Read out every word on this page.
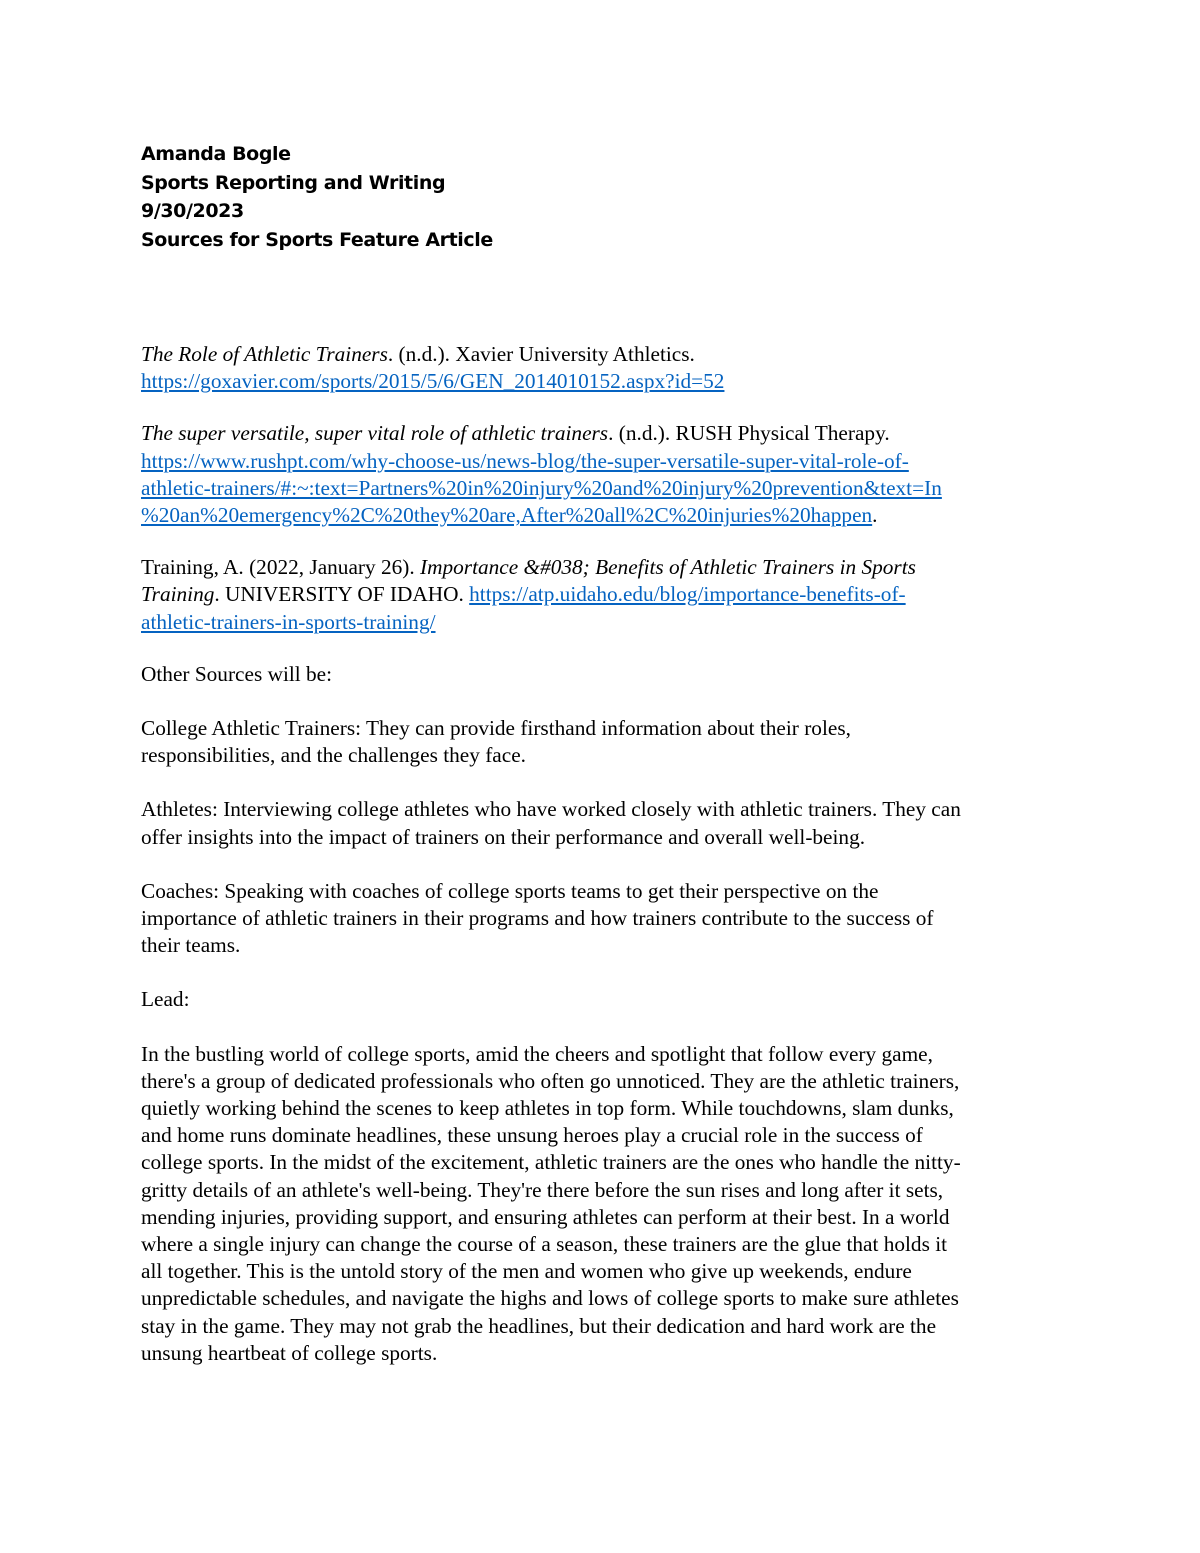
Amanda Bogle
Sports Reporting and Writing
9/30/2023
Sources for Sports Feature Article
The Role of Athletic Trainers. (n.d.). Xavier University Athletics.
https://goxavier.com/sports/2015/5/6/GEN_2014010152.aspx?id=52
The super versatile, super vital role of athletic trainers. (n.d.). RUSH Physical Therapy.
https://www.rushpt.com/why-choose-us/news-blog/the-super-versatile-super-vital-role-of-
athletic-trainers/#:~:text=Partners%20in%20injury%20and%20injury%20prevention&text=In
%20an%20emergency%2C%20they%20are,After%20all%2C%20injuries%20happen.
Training, A. (2022, January 26). Importance &#038; Benefits of Athletic Trainers in Sports
Training. UNIVERSITY OF IDAHO. https://atp.uidaho.edu/blog/importance-benefits-of-
athletic-trainers-in-sports-training/
Other Sources will be:
College Athletic Trainers: They can provide firsthand information about their roles,
responsibilities, and the challenges they face.
Athletes: Interviewing college athletes who have worked closely with athletic trainers. They can
offer insights into the impact of trainers on their performance and overall well-being.
Coaches: Speaking with coaches of college sports teams to get their perspective on the
importance of athletic trainers in their programs and how trainers contribute to the success of
their teams.
Lead:
In the bustling world of college sports, amid the cheers and spotlight that follow every game,
there's a group of dedicated professionals who often go unnoticed. They are the athletic trainers,
quietly working behind the scenes to keep athletes in top form. While touchdowns, slam dunks,
and home runs dominate headlines, these unsung heroes play a crucial role in the success of
college sports. In the midst of the excitement, athletic trainers are the ones who handle the nitty-
gritty details of an athlete's well-being. They're there before the sun rises and long after it sets,
mending injuries, providing support, and ensuring athletes can perform at their best. In a world
where a single injury can change the course of a season, these trainers are the glue that holds it
all together. This is the untold story of the men and women who give up weekends, endure
unpredictable schedules, and navigate the highs and lows of college sports to make sure athletes
stay in the game. They may not grab the headlines, but their dedication and hard work are the
unsung heartbeat of college sports.
